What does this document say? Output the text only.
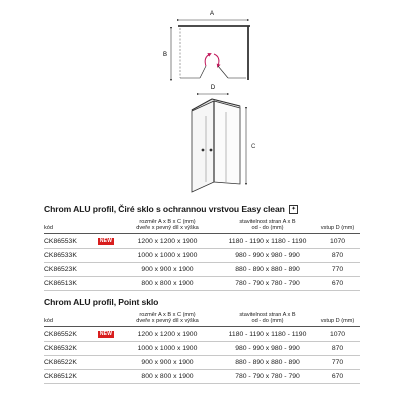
A
B
D
C
Chrom ALU profil, Čiré sklo s ochrannou vrstvou Easy clean ✦
kód		rozměr A x B x C (mm)
dveře x pevný díl x výška	stavitelnost stran A x B
od - do (mm)	vstup D (mm)
CK86553K	NEW	1200 x 1200 x 1900	1180 - 1190 x 1180 - 1190	1070
CK86533K		1000 x 1000 x 1900	980 - 990 x 980 - 990	870
CK86523K		900 x 900 x 1900	880 - 890 x 880 - 890	770
CK86513K		800 x 800 x 1900	780 - 790 x 780 - 790	670
Chrom ALU profil, Point sklo
kód		rozměr A x B x C (mm)
dveře x pevný díl x výška	stavitelnost stran A x B
od - do (mm)	vstup D (mm)
CK86552K	NEW	1200 x 1200 x 1900	1180 - 1190 x 1180 - 1190	1070
CK86532K		1000 x 1000 x 1900	980 - 990 x 980 - 990	870
CK86522K		900 x 900 x 1900	880 - 890 x 880 - 890	770
CK86512K		800 x 800 x 1900	780 - 790 x 780 - 790	670
